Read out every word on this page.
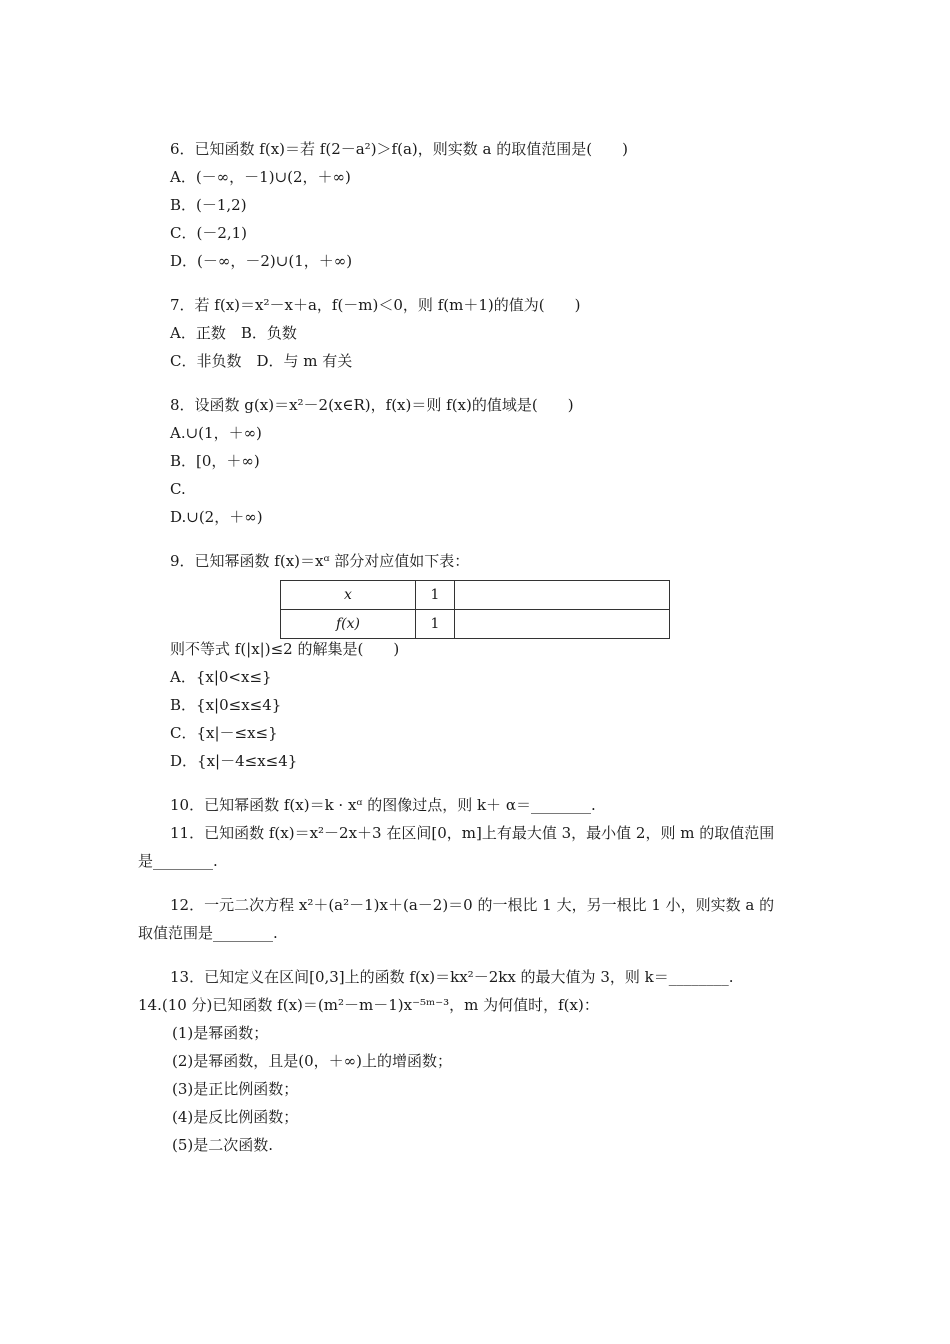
6．已知函数 f(x)＝若 f(2－a²)＞f(a)，则实数 a 的取值范围是(　　)
A．(－∞，－1)∪(2，＋∞)
B．(－1,2)
C．(－2,1)
D．(－∞，－2)∪(1，＋∞)
7．若 f(x)＝x²－x＋a，f(－m)＜0，则 f(m＋1)的值为(　　)
A．正数　B．负数
C．非负数　D．与 m 有关
8．设函数 g(x)＝x²－2(x∈R)，f(x)＝则 f(x)的值域是(　　)
A.∪(1，＋∞)
B．[0，＋∞)
C.
D.∪(2，＋∞)
9．已知幂函数 f(x)＝xᵅ 部分对应值如下表：
x	1	
f(x)	1	
则不等式 f(|x|)≤2 的解集是(　　)
A．{x|0<x≤}
B．{x|0≤x≤4}
C．{x|－≤x≤}
D．{x|－4≤x≤4}
10．已知幂函数 f(x)＝k · xᵅ 的图像过点，则 k＋ α＝________.
11．已知函数 f(x)＝x²－2x＋3 在区间[0，m]上有最大值 3，最小值 2，则 m 的取值范围
是________.
12．一元二次方程 x²＋(a²－1)x＋(a－2)＝0 的一根比 1 大，另一根比 1 小，则实数 a 的
取值范围是________.
13．已知定义在区间[0,3]上的函数 f(x)＝kx²－2kx 的最大值为 3，则 k＝________.
14.(10 分)已知函数 f(x)＝(m²－m－1)x⁻⁵ᵐ⁻³，m 为何值时，f(x)：
(1)是幂函数；
(2)是幂函数，且是(0，＋∞)上的增函数；
(3)是正比例函数；
(4)是反比例函数；
(5)是二次函数.
